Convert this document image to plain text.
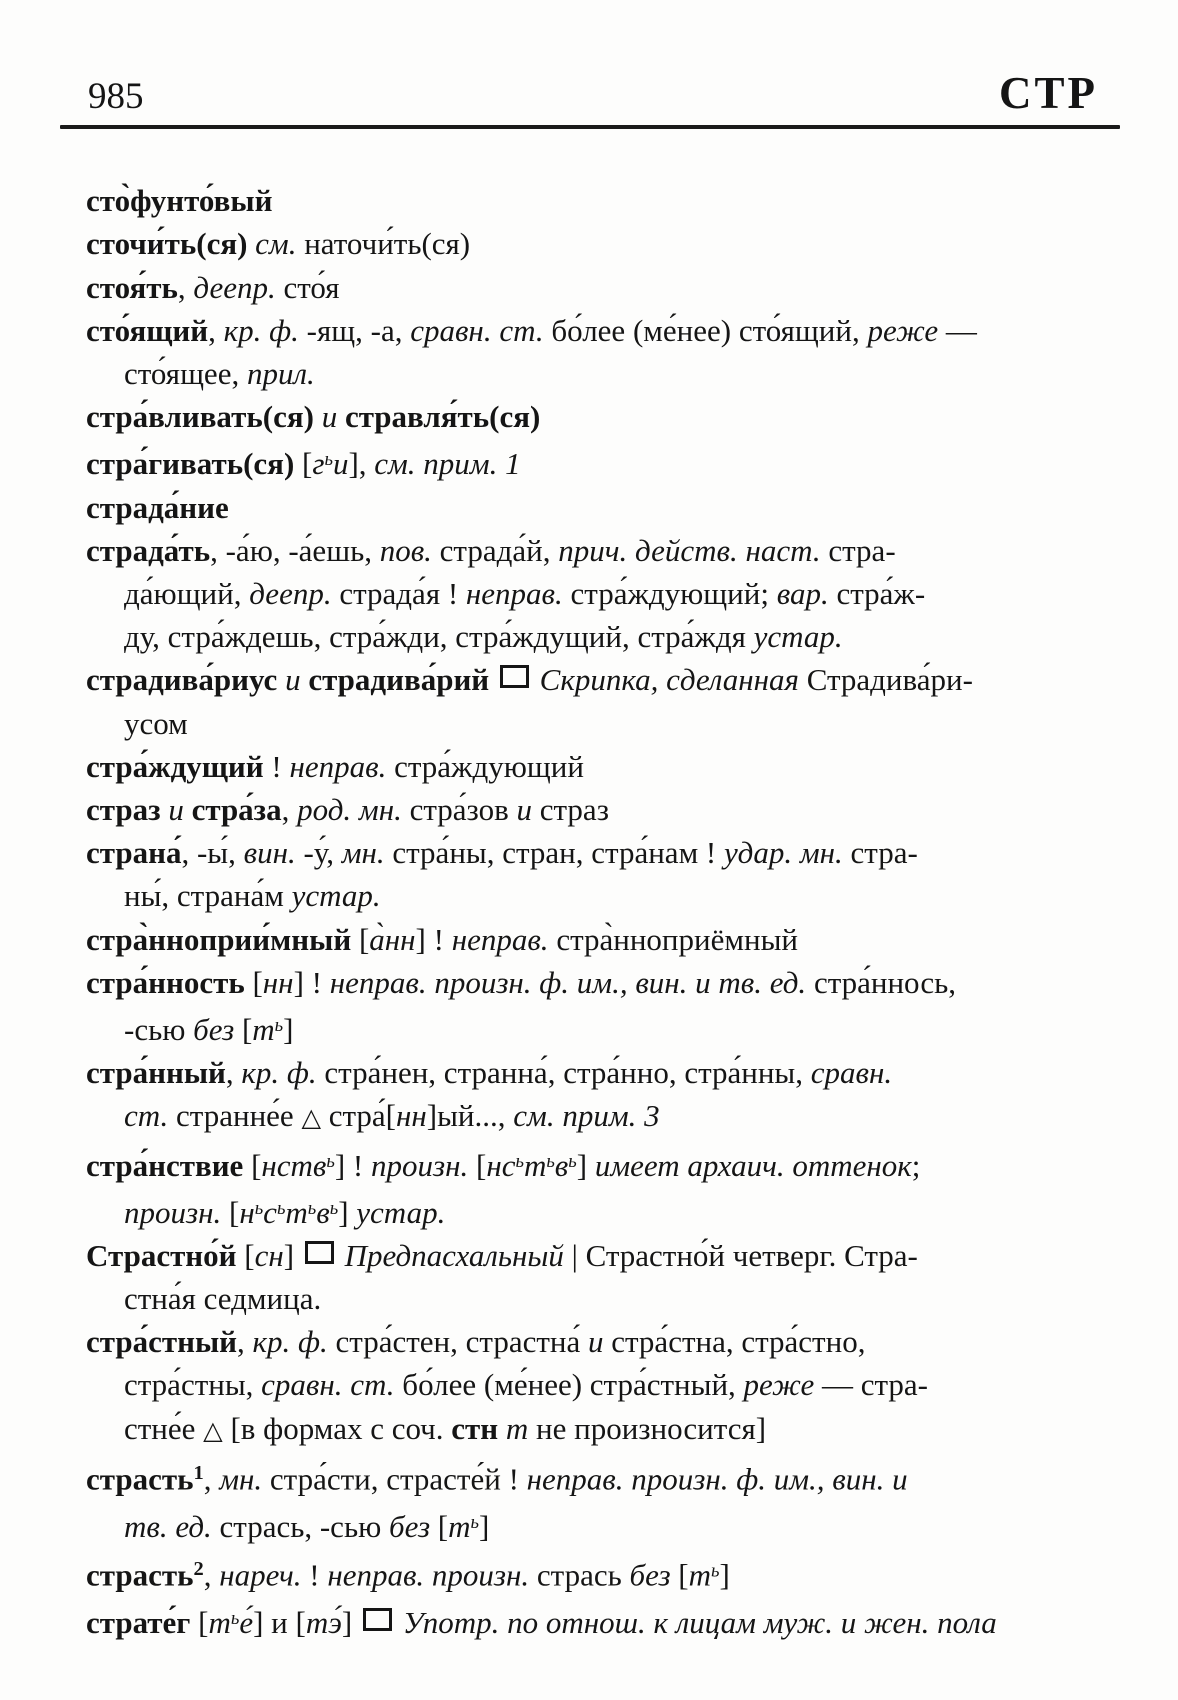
985	СТР
сто̀фунто́вый
сточи́ть(ся) см. наточи́ть(ся)
стоя́ть, деепр. сто́я
сто́ящий, кр. ф. -ящ, -а, сравн. ст. бо́лее (ме́нее) сто́ящий, реже —
сто́ящее, прил.
стра́вливать(ся) и стравля́ть(ся)
стра́гивать(ся) $[г^ьи]$, см. прим. 1
страда́ние
страда́ть, -а́ю, -а́ешь, пов. страда́й, прич. действ. наст. стра-
да́ющий, деепр. страда́я ! неправ. стра́ждующий; вар. стра́ж-
ду, стра́ждешь, стра́жди, стра́ждущий, стра́ждя устар.
страдива́риус и страдива́рий Скрипка, сделанная Страдива́ри-
усом
стра́ждущий ! неправ. стра́ждующий
страз и стра́за, род. мн. стра́зов и страз
страна́, -ы́, вин. -у́, мн. стра́ны, стран, стра́нам ! удар. мн. стра-
ны́, страна́м устар.
стра̀нноприи́мный [а̀нн] ! неправ. стра̀нноприёмный
стра́нность [нн] ! неправ. произн. ф. им., вин. и тв. ед. стра́ннось,
-сью без $[т^ь]$
стра́нный, кр. ф. стра́нен, странна́, стра́нно, стра́нны, сравн.
ст. странне́е △ стра́[нн]ый..., см. прим. 3
стра́нствие [нств$^ь$] ! произн. $[нс^ьт^ьв^ь]$ имеет архаич. оттенок;
произн. $[н^ьс^ьт^ьв^ь]$ устар.
Страстно́й [сн]  Предпасхальный | Страстно́й четверг. Стра-
стна́я седмица.
стра́стный, кр. ф. стра́стен, страстна́ и стра́стна, стра́стно,
стра́стны, сравн. ст. бо́лее (ме́нее) стра́стный, реже — стра-
стне́е △ [в формах с соч. стн т не произносится]
страсть$^1$, мн. стра́сти, страсте́й ! неправ. произн. ф. им., вин. и
тв. ед. стрась, -сью без $[т^ь]$
страсть$^2$, нареч. ! неправ. произн. стрась без $[т^ь]$
страте́г $[т^ье́]$ и [тэ́]  Употр. по отнош. к лицам муж. и жен. пола
